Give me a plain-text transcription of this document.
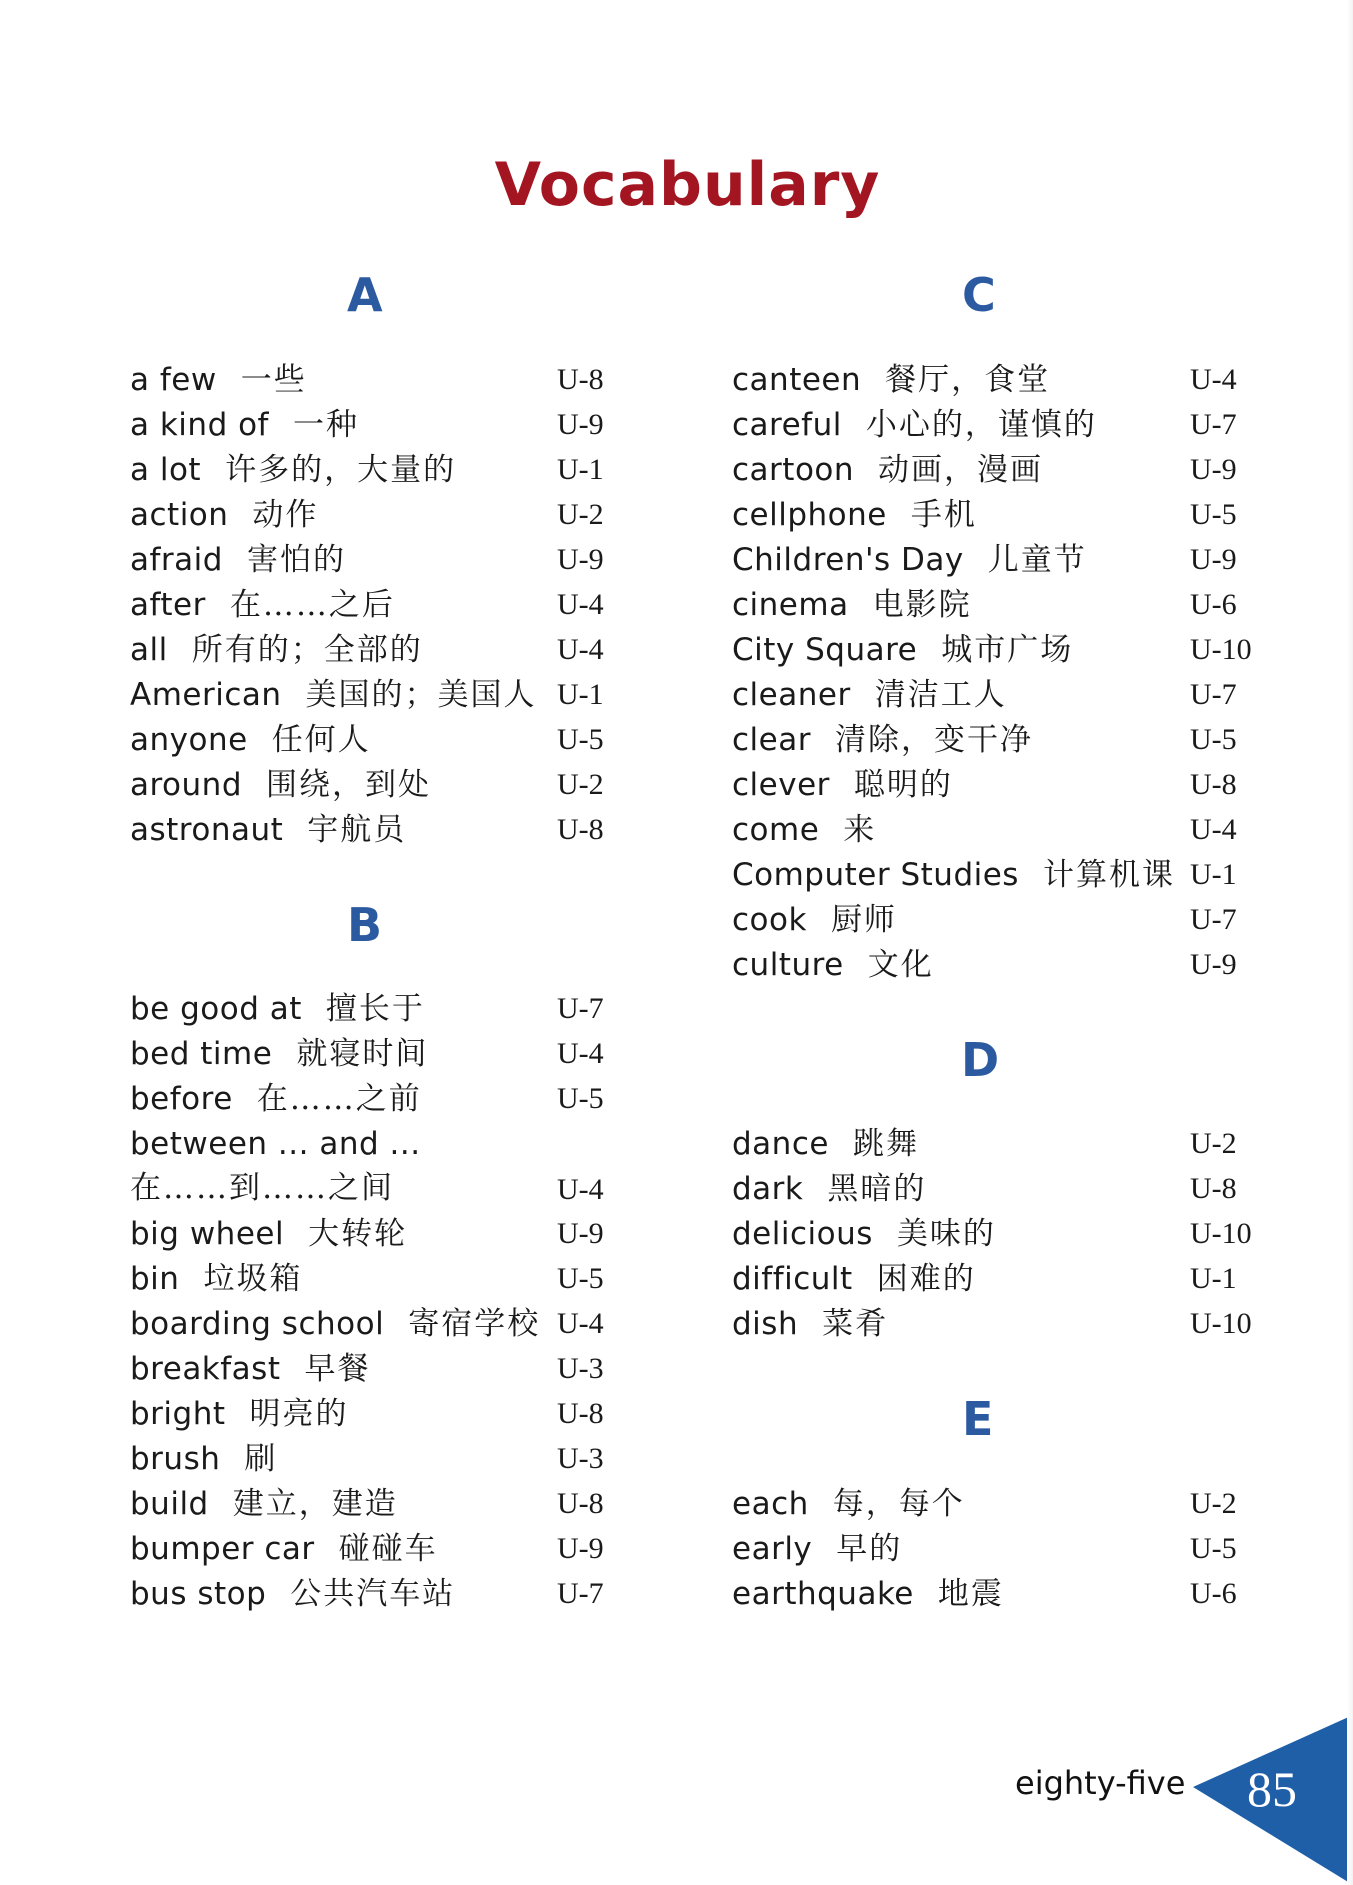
Vocabulary
A
a few 一些	U-8
a kind of 一种	U-9
a lot 许多的，大量的	U-1
action 动作	U-2
afraid 害怕的	U-9
after 在……之后	U-4
all 所有的；全部的	U-4
American 美国的；美国人 U-1
anyone 任何人	U-5
around 围绕，到处	U-2
astronaut 宇航员	U-8
B
be good at 擅长于	U-7
bed time 就寝时间	U-4
before 在……之前	U-5
between ... and ...
在……到……之间	U-4
big wheel 大转轮	U-9
bin 垃圾箱	U-5
boarding school 寄宿学校 U-4
breakfast 早餐	U-3
bright 明亮的	U-8
brush 刷	U-3
build 建立，建造	U-8
bumper car 碰碰车	U-9
bus stop 公共汽车站	U-7
C
canteen 餐厅，食堂	U-4
careful 小心的，谨慎的	U-7
cartoon 动画，漫画	U-9
cellphone 手机	U-5
Children's Day 儿童节	U-9
cinema 电影院	U-6
City Square 城市广场	U-10
cleaner 清洁工人	U-7
clear 清除，变干净	U-5
clever 聪明的	U-8
come 来	U-4
Computer Studies 计算机课 U-1
cook 厨师	U-7
culture 文化	U-9
D
dance 跳舞	U-2
dark 黑暗的	U-8
delicious 美味的	U-10
difficult 困难的	U-1
dish 菜肴	U-10
E
each 每，每个	U-2
early 早的	U-5
earthquake 地震	U-6
eighty-five 85
